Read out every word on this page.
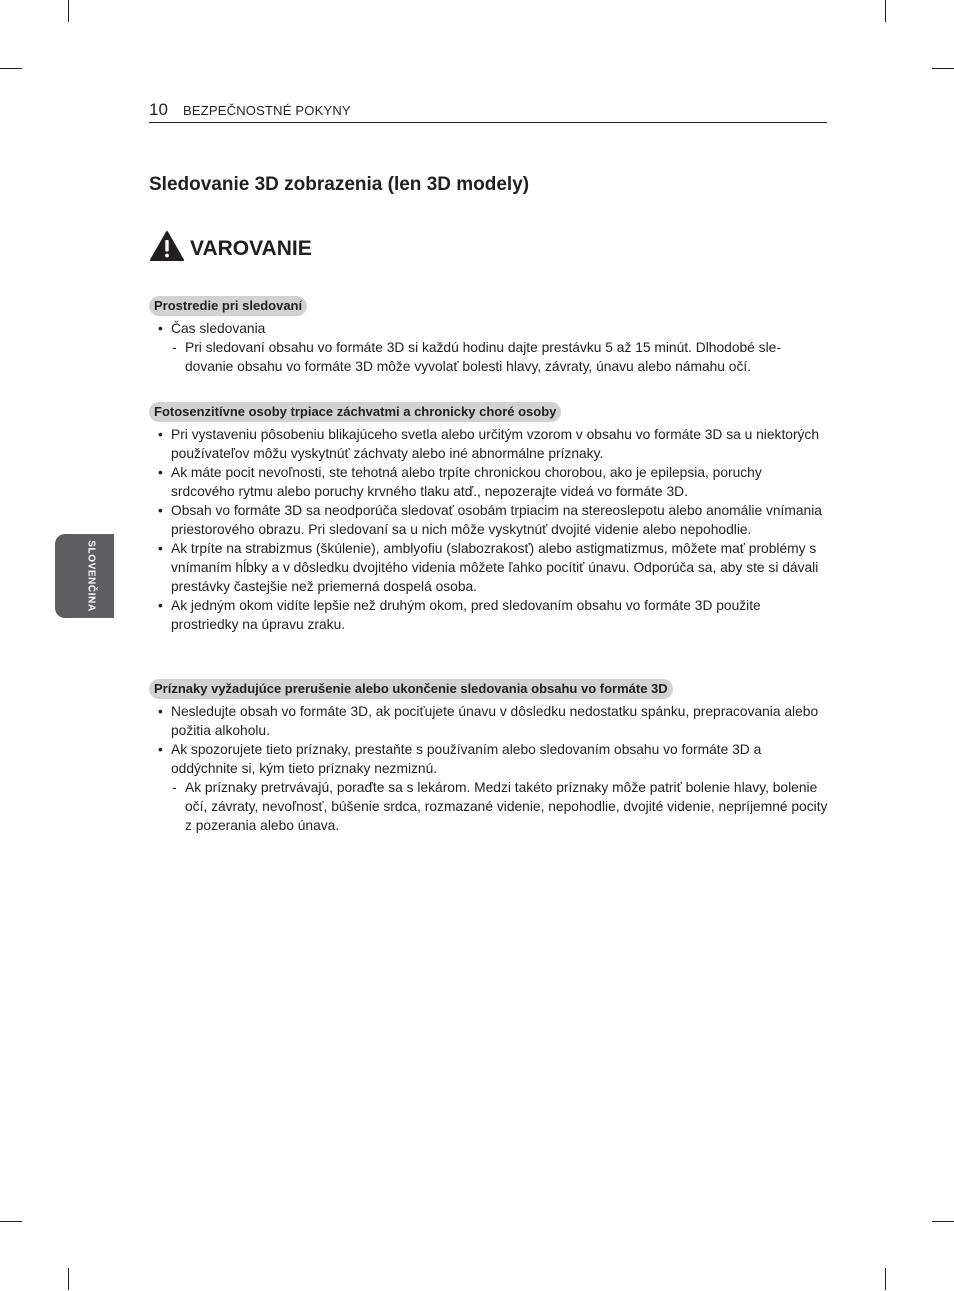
10 BEZPEČNOSTNÉ POKYNY
Sledovanie 3D zobrazenia (len 3D modely)
VAROVANIE
SLOVENČINA
Prostredie pri sledovaní
• Čas sledovania
- Pri sledovaní obsahu vo formáte 3D si každú hodinu dajte prestávku 5 až 15 minút. Dlhodobé sle-dovanie obsahu vo formáte 3D môže vyvolať bolesti hlavy, závraty, únavu alebo námahu očí.
Fotosenzitívne osoby trpiace záchvatmi a chronicky choré osoby
• Pri vystaveniu pôsobeniu blikajúceho svetla alebo určitým vzorom v obsahu vo formáte 3D sa u niektorých používateľov môžu vyskytnúť záchvaty alebo iné abnormálne príznaky.
• Ak máte pocit nevoľnosti, ste tehotná alebo trpíte chronickou chorobou, ako je epilepsia, poruchy srdcového rytmu alebo poruchy krvného tlaku atď., nepozerajte videá vo formáte 3D.
• Obsah vo formáte 3D sa neodporúča sledovať osobám trpiacim na stereoslepotu alebo anomálie vnímania priestorového obrazu. Pri sledovaní sa u nich môže vyskytnúť dvojité videnie alebo nepohodlie.
• Ak trpíte na strabizmus (škúlenie), amblyofiu (slabozrakosť) alebo astigmatizmus, môžete mať problémy s vnímaním hĺbky a v dôsledku dvojitého videnia môžete ľahko pocítiť únavu. Odporúča sa, aby ste si dávali prestávky častejšie než priemerná dospelá osoba.
• Ak jedným okom vidíte lepšie než druhým okom, pred sledovaním obsahu vo formáte 3D použite prostriedky na úpravu zraku.
Príznaky vyžadujúce prerušenie alebo ukončenie sledovania obsahu vo formáte 3D
• Nesledujte obsah vo formáte 3D, ak pociťujete únavu v dôsledku nedostatku spánku, prepracovania alebo požitia alkoholu.
• Ak spozorujete tieto príznaky, prestaňte s používaním alebo sledovaním obsahu vo formáte 3D a oddýchnite si, kým tieto príznaky nezmiznú.
- Ak príznaky pretrvávajú, poraďte sa s lekárom. Medzi takéto príznaky môže patriť bolenie hlavy, bolenie očí, závraty, nevoľnosť, búšenie srdca, rozmazané videnie, nepohodlie, dvojité videnie, nepríjemné pocity z pozerania alebo únava.
